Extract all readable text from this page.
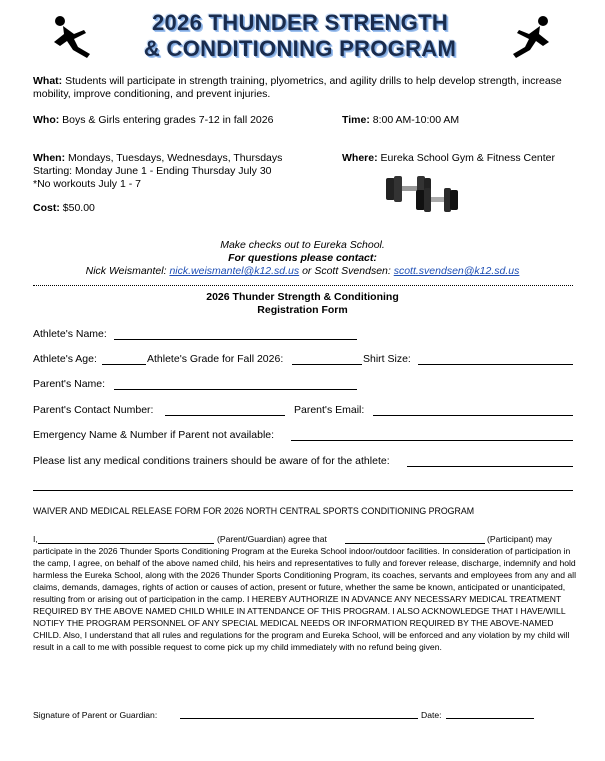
2026 THUNDER STRENGTH
& CONDITIONING PROGRAM
What: Students will participate in strength training, plyometrics, and agility drills to help develop strength, increase mobility, improve conditioning, and prevent injuries.
Who: Boys & Girls entering grades 7-12 in fall 2026	Time: 8:00 AM-10:00 AM
When: Mondays, Tuesdays, Wednesdays, Thursdays
Starting: Monday June 1 - Ending Thursday July 30
*No workouts July 1 - 7
Where: Eureka School Gym & Fitness Center
Cost: $50.00
Make checks out to Eureka School.
For questions please contact:
Nick Weismantel: nick.weismantel@k12.sd.us or Scott Svendsen: scott.svendsen@k12.sd.us
2026 Thunder Strength & Conditioning
Registration Form
Athlete's Name:
Athlete's Age:	Athlete's Grade for Fall 2026:	Shirt Size:
Parent's Name:
Parent's Contact Number:	Parent's Email:
Emergency Name & Number if Parent not available:
Please list any medical conditions trainers should be aware of for the athlete:
WAIVER AND MEDICAL RELEASE FORM FOR 2026 NORTH CENTRAL SPORTS CONDITIONING PROGRAM
I,	(Parent/Guardian) agree that	(Participant) may
participate in the 2026 Thunder Sports Conditioning Program at the Eureka School indoor/outdoor facilities. In consideration of participation in the camp, I agree, on behalf of the above named child, his heirs and representatives to fully and forever release, discharge, indemnify and hold harmless the Eureka School, along with the 2026 Thunder Sports Conditioning Program, its coaches, servants and employees from any and all claims, demands, damages, rights of action or causes of action, present or future, whether the same be known, anticipated or unanticipated, resulting from or arising out of participation in the camp. I HEREBY AUTHORIZE IN ADVANCE ANY NECESSARY MEDICAL TREATMENT REQUIRED BY THE ABOVE NAMED CHILD WHILE IN ATTENDANCE OF THIS PROGRAM. I ALSO ACKNOWLEDGE THAT I HAVE/WILL NOTIFY THE PROGRAM PERSONNEL OF ANY SPECIAL MEDICAL NEEDS OR INFORMATION REQUIRED BY THE ABOVE-NAMED CHILD. Also, I understand that all rules and regulations for the program and Eureka School, will be enforced and any violation by my child will result in a call to me with possible request to come pick up my child immediately with no refund being given.
Signature of Parent or Guardian:	Date:
